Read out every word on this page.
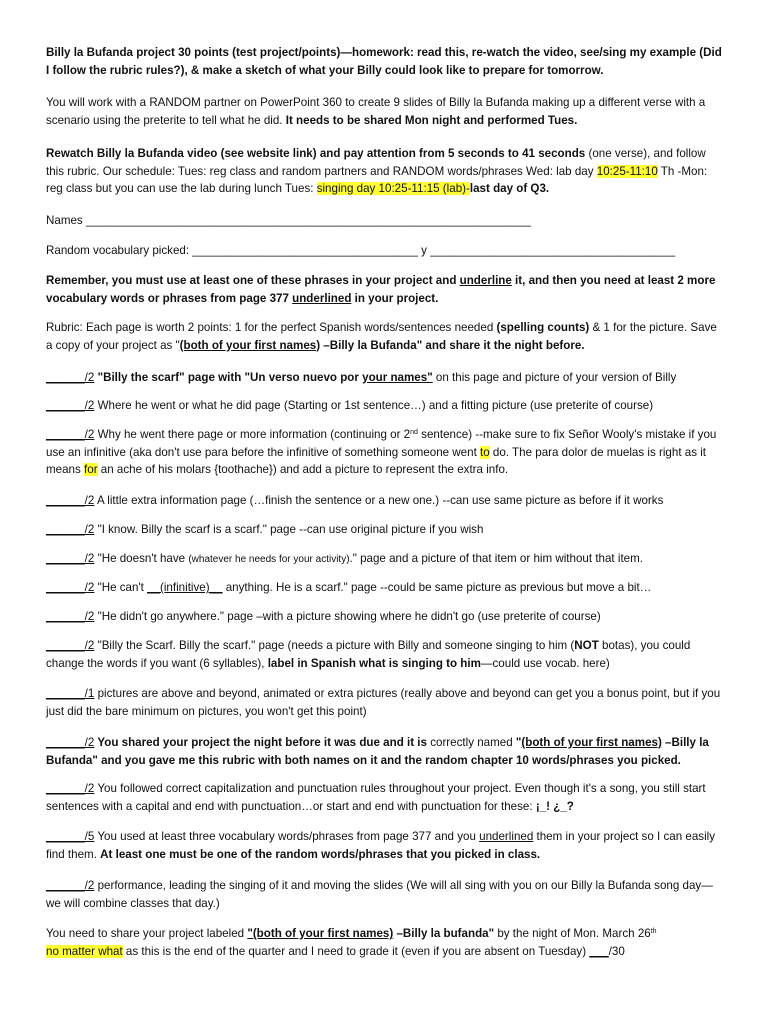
Billy la Bufanda project 30 points (test project/points)—homework: read this, re-watch the video, see/sing my example (Did I follow the rubric rules?), & make a sketch of what your Billy could look like to prepare for tomorrow.

You will work with a RANDOM partner on PowerPoint 360 to create 9 slides of Billy la Bufanda making up a different verse with a scenario using the preterite to tell what he did. It needs to be shared Mon night and performed Tues.

Rewatch Billy la Bufanda video (see website link) and pay attention from 5 seconds to 41 seconds (one verse), and follow this rubric. Our schedule: Tues: reg class and random partners and RANDOM words/phrases Wed: lab day 10:25-11:10 Th -Mon: reg class but you can use the lab during lunch Tues: singing day 10:25-11:15 (lab)-last day of Q3.

Names _____________________________________________________________________

Random vocabulary picked: ___________________________________ y ______________________________________

Remember, you must use at least one of these phrases in your project and underline it, and then you need at least 2 more vocabulary words or phrases from page 377 underlined in your project.

Rubric: Each page is worth 2 points: 1 for the perfect Spanish words/sentences needed (spelling counts) & 1 for the picture. Save a copy of your project as "(both of your first names) –Billy la Bufanda" and share it the night before.

______/2 "Billy the scarf" page with "Un verso nuevo por your names" on this page and picture of your version of Billy

______/2 Where he went or what he did page (Starting or 1st sentence…) and a fitting picture (use preterite of course)

______/2 Why he went there page or more information (continuing or 2nd sentence) --make sure to fix Señor Wooly's mistake if you use an infinitive (aka don't use para before the infinitive of something someone went to do. The para dolor de muelas is right as it means for an ache of his molars {toothache}) and add a picture to represent the extra info.

______/2 A little extra information page (…finish the sentence or a new one.) --can use same picture as before if it works

______/2 "I know. Billy the scarf is a scarf." page --can use original picture if you wish

______/2 "He doesn't have (whatever he needs for your activity)." page and a picture of that item or him without that item.

______/2 "He can't __(infinitive)__ anything. He is a scarf." page --could be same picture as previous but move a bit…

______/2 "He didn't go anywhere." page –with a picture showing where he didn't go (use preterite of course)

______/2 "Billy the Scarf. Billy the scarf." page (needs a picture with Billy and someone singing to him (NOT botas), you could change the words if you want (6 syllables), label in Spanish what is singing to him—could use vocab. here)

______/1 pictures are above and beyond, animated or extra pictures (really above and beyond can get you a bonus point, but if you just did the bare minimum on pictures, you won't get this point)

______/2 You shared your project the night before it was due and it is correctly named "(both of your first names) –Billy la Bufanda" and you gave me this rubric with both names on it and the random chapter 10 words/phrases you picked.

______/2 You followed correct capitalization and punctuation rules throughout your project. Even though it's a song, you still start sentences with a capital and end with punctuation…or start and end with punctuation for these: ¡_! ¿_?

______/5 You used at least three vocabulary words/phrases from page 377 and you underlined them in your project so I can easily find them. At least one must be one of the random words/phrases that you picked in class.

______/2 performance, leading the singing of it and moving the slides (We will all sing with you on our Billy la Bufanda song day—we will combine classes that day.)

You need to share your project labeled "(both of your first names) –Billy la bufanda" by the night of Mon. March 26th
no matter what as this is the end of the quarter and I need to grade it (even if you are absent on Tuesday) ___/30
